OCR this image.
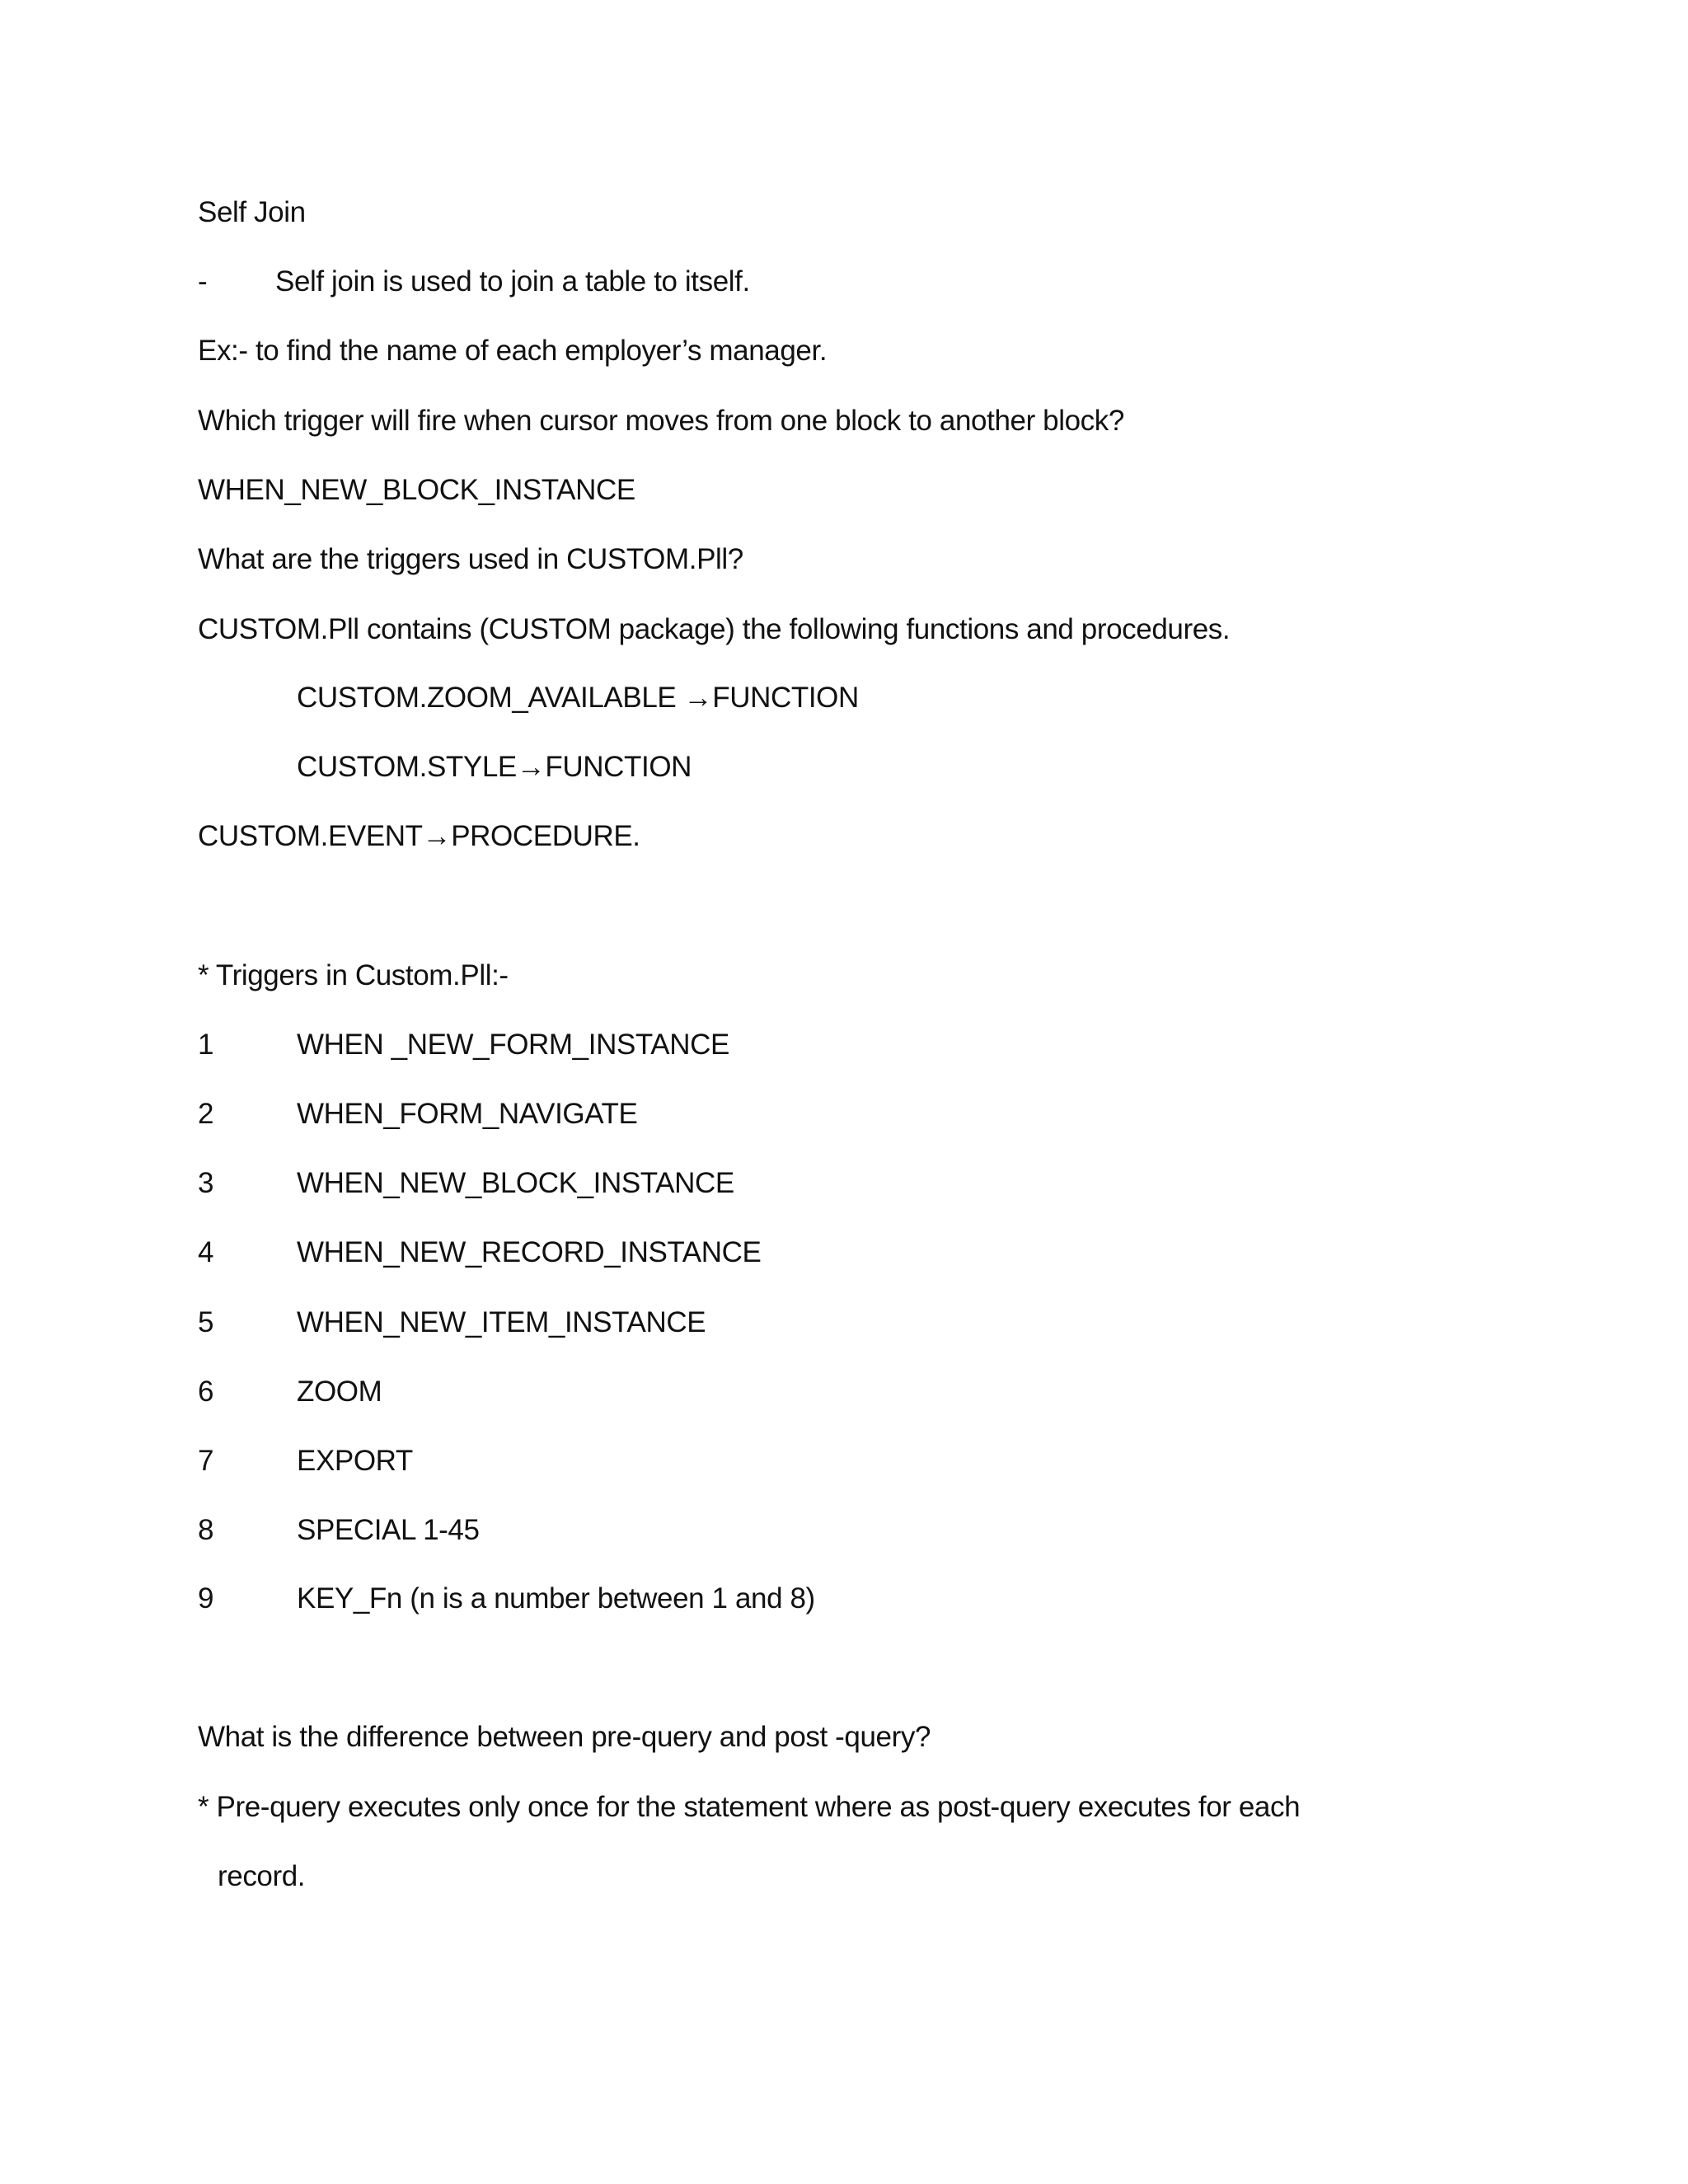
Self Join
- Self join is used to join a table to itself.
Ex:- to find the name of each employer’s manager.
Which trigger will fire when cursor moves from one block to another block?
WHEN_NEW_BLOCK_INSTANCE
What are the triggers used in CUSTOM.Pll?
CUSTOM.Pll contains (CUSTOM package) the following functions and procedures.
CUSTOM.ZOOM_AVAILABLE →FUNCTION
CUSTOM.STYLE→FUNCTION
CUSTOM.EVENT→PROCEDURE.
* Triggers in Custom.Pll:-
1	WHEN _NEW_FORM_INSTANCE
2	WHEN_FORM_NAVIGATE
3	WHEN_NEW_BLOCK_INSTANCE
4	WHEN_NEW_RECORD_INSTANCE
5	WHEN_NEW_ITEM_INSTANCE
6	ZOOM
7	EXPORT
8	SPECIAL 1-45
9	KEY_Fn (n is a number between 1 and 8)
What is the difference between pre-query and post -query?
* Pre-query executes only once for the statement where as post-query executes for each
record.
